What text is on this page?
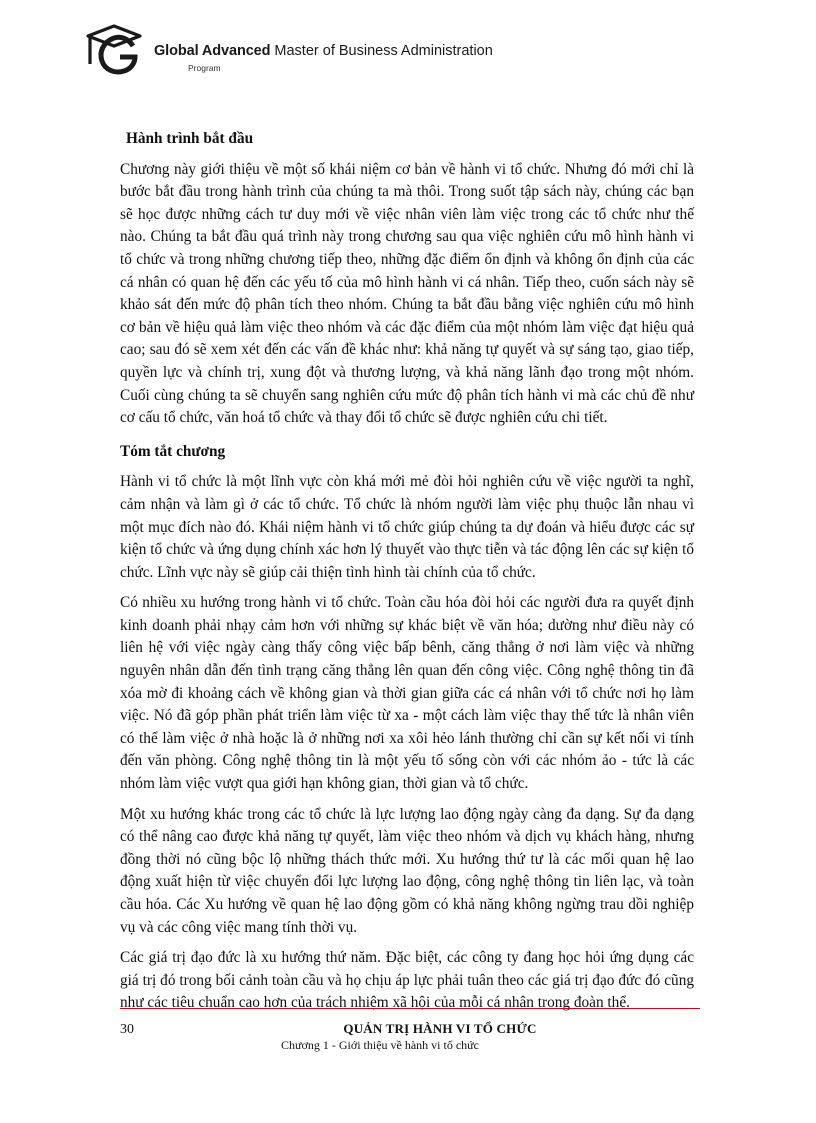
Global Advanced Master of Business Administration
Program
Hành trình bắt đầu

Chương này giới thiệu về một số khái niệm cơ bản về hành vi tổ chức. Nhưng đó mới chỉ là bước bắt đầu trong hành trình của chúng ta mà thôi. Trong suốt tập sách này, chúng các bạn sẽ học được những cách tư duy mới về việc nhân viên làm việc trong các tổ chức như thế nào. Chúng ta bắt đầu quá trình này trong chương sau qua việc nghiên cứu mô hình hành vi tổ chức và trong những chương tiếp theo, những đặc điểm ổn định và không ổn định của các cá nhân có quan hệ đến các yếu tố của mô hình hành vi cá nhân. Tiếp theo, cuốn sách này sẽ khảo sát đến mức độ phân tích theo nhóm. Chúng ta bắt đầu bằng việc nghiên cứu mô hình cơ bản về hiệu quả làm việc theo nhóm và các đặc điểm của một nhóm làm việc đạt hiệu quả cao; sau đó sẽ xem xét đến các vấn đề khác như: khả năng tự quyết và sự sáng tạo, giao tiếp, quyền lực và chính trị, xung đột và thương lượng, và khả năng lãnh đạo trong một nhóm. Cuối cùng chúng ta sẽ chuyển sang nghiên cứu mức độ phân tích hành vi mà các chủ đề như cơ cấu tổ chức, văn hoá tổ chức và thay đổi tổ chức sẽ được nghiên cứu chi tiết.

Tóm tắt chương

Hành vi tổ chức là một lĩnh vực còn khá mới mẻ đòi hỏi nghiên cứu về việc người ta nghĩ, cảm nhận và làm gì ở các tổ chức. Tổ chức là nhóm người làm việc phụ thuộc lẫn nhau vì một mục đích nào đó. Khái niệm hành vi tổ chức giúp chúng ta dự đoán và hiểu được các sự kiện tổ chức và ứng dụng chính xác hơn lý thuyết vào thực tiễn và tác động lên các sự kiện tổ chức. Lĩnh vực này sẽ giúp cải thiện tình hình tài chính của tổ chức.

Có nhiều xu hướng trong hành vi tổ chức. Toàn cầu hóa đòi hỏi các người đưa ra quyết định kinh doanh phải nhạy cảm hơn với những sự khác biệt về văn hóa; dường như điều này có liên hệ với việc ngày càng thấy công việc bấp bênh, căng thẳng ở nơi làm việc và những nguyên nhân dẫn đến tình trạng căng thẳng lên quan đến công việc. Công nghệ thông tin đã xóa mờ đi khoảng cách về không gian và thời gian giữa các cá nhân với tổ chức nơi họ làm việc. Nó đã góp phần phát triển làm việc từ xa - một cách làm việc thay thế tức là nhân viên có thể làm việc ở nhà hoặc là ở những nơi xa xôi hẻo lánh thường chỉ cần sự kết nối vi tính đến văn phòng. Công nghệ thông tin là một yếu tố sống còn với các nhóm ảo - tức là các nhóm làm việc vượt qua giới hạn không gian, thời gian và tổ chức.

Một xu hướng khác trong các tổ chức là lực lượng lao động ngày càng đa dạng. Sự đa dạng có thể nâng cao được khả năng tự quyết, làm việc theo nhóm và dịch vụ khách hàng, nhưng đồng thời nó cũng bộc lộ những thách thức mới. Xu hướng thứ tư là các mối quan hệ lao động xuất hiện từ việc chuyển đổi lực lượng lao động, công nghệ thông tin liên lạc, và toàn cầu hóa. Các Xu hướng về quan hệ lao động gồm có khả năng không ngừng trau dồi nghiệp vụ và các công việc mang tính thời vụ.

Các giá trị đạo đức là xu hướng thứ năm. Đặc biệt, các công ty đang học hỏi ứng dụng các giá trị đó trong bối cảnh toàn cầu và họ chịu áp lực phải tuân theo các giá trị đạo đức đó cũng như các tiêu chuẩn cao hơn của trách nhiệm xã hội của mỗi cá nhân trong đoàn thể.

30	QUẢN TRỊ HÀNH VI TỔ CHỨC
Chương 1 - Giới thiệu về hành vi tổ chức
